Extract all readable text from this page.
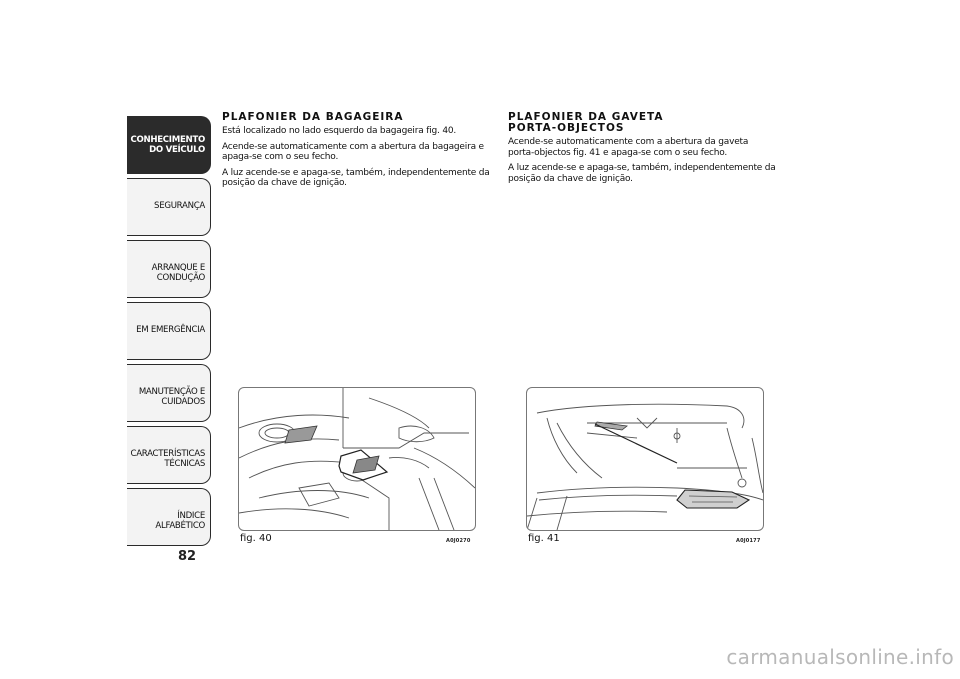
CONHECIMENTO
DO VEÍCULO
SEGURANÇA
ARRANQUE E
CONDUÇÃO
EM EMERGÊNCIA
MANUTENÇÃO E
CUIDADOS
CARACTERÍSTICAS
TÉCNICAS
ÍNDICE ALFABÉTICO
82
PLAFONIER DA BAGAGEIRA

Está localizado no lado esquerdo da bagageira fig. 40.

Acende-se automaticamente com a abertura da bagageira e apaga-se com o seu fecho.

A luz acende-se e apaga-se, também, independentemente da posição da chave de ignição.

PLAFONIER DA GAVETA
PORTA-OBJECTOS

Acende-se automaticamente com a abertura da gaveta porta-objectos fig. 41 e apaga-se com o seu fecho.

A luz acende-se e apaga-se, também, independentemente da posição da chave de ignição.

fig. 40	A0J0270	fig. 41	A0J0177
carmanualsonline.info
